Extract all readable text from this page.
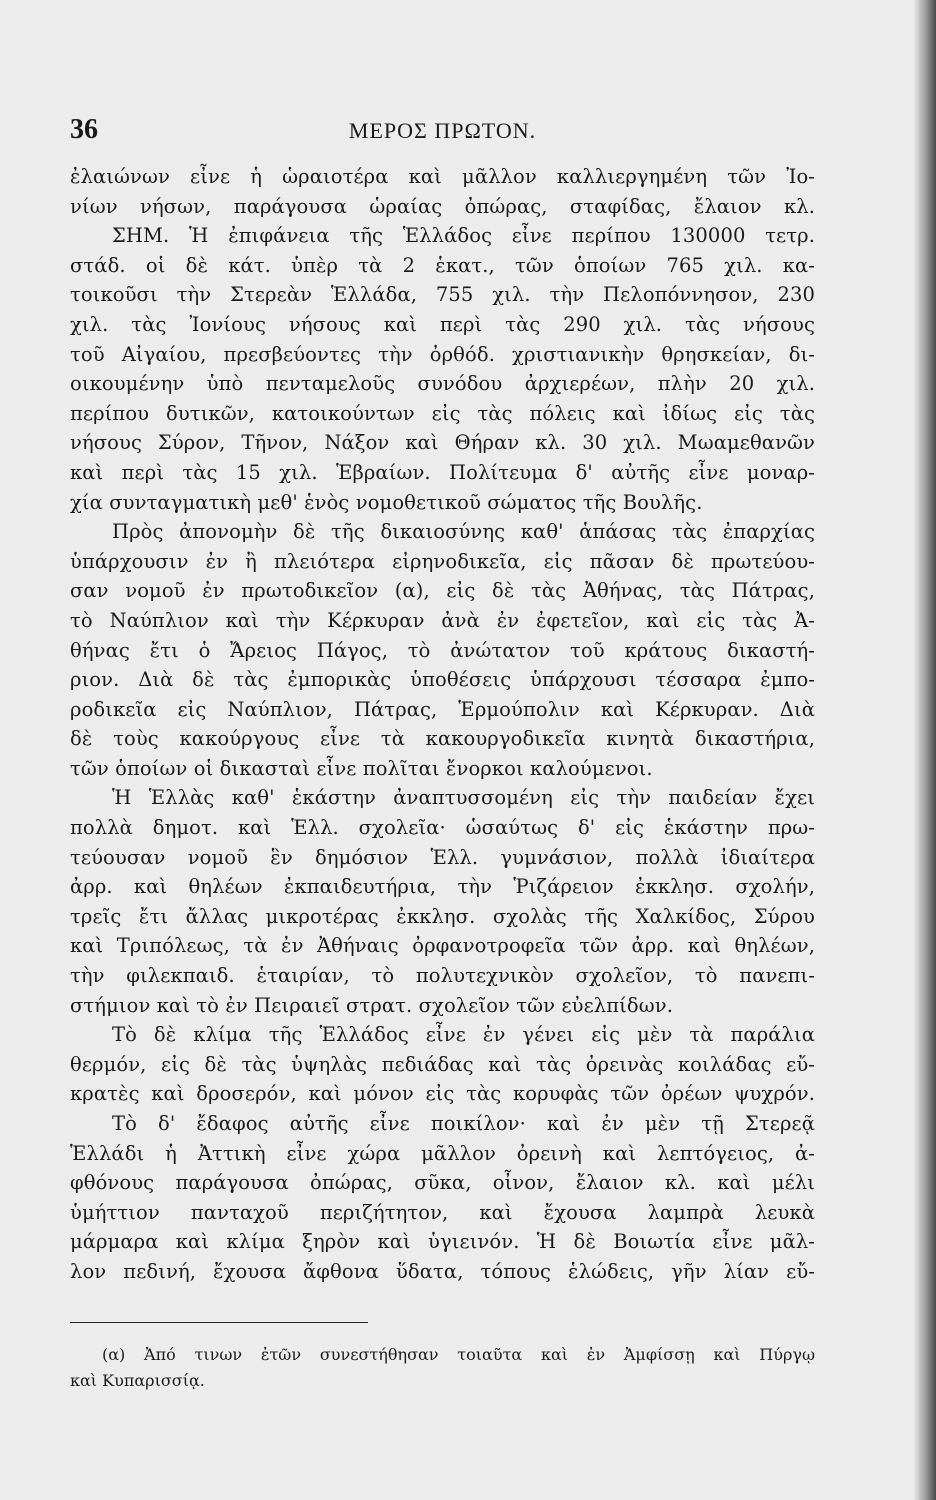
36	ΜΕΡΟΣ ΠΡΩΤΟΝ.
ἐλαιώνων εἶνε ἡ ὡραιοτέρα καὶ μᾶλλον καλλιεργημένη τῶν Ἰο-
νίων νήσων, παράγουσα ὡραίας ὀπώρας, σταφίδας, ἔλαιον κλ.
ΣΗΜ. Ἡ ἐπιφάνεια τῆς Ἑλλάδος εἶνε περίπου 130000 τετρ.
στάδ. οἱ δὲ κάτ. ὑπὲρ τὰ 2 ἑκατ., τῶν ὁποίων 765 χιλ. κα-
τοικοῦσι τὴν Στερεὰν Ἑλλάδα, 755 χιλ. τὴν Πελοπόννησον, 230
χιλ. τὰς Ἰονίους νήσους καὶ περὶ τὰς 290 χιλ. τὰς νήσους
τοῦ Αἰγαίου, πρεσβεύοντες τὴν ὀρθόδ. χριστιανικὴν θρησκείαν, δι-
οικουμένην ὑπὸ πενταμελοῦς συνόδου ἀρχιερέων, πλὴν 20 χιλ.
περίπου δυτικῶν, κατοικούντων εἰς τὰς πόλεις καὶ ἰδίως εἰς τὰς
νήσους Σύρον, Τῆνον, Νάξον καὶ Θήραν κλ. 30 χιλ. Μωαμεθανῶν
καὶ περὶ τὰς 15 χιλ. Ἑβραίων. Πολίτευμα δ' αὐτῆς εἶνε μοναρ-
χία συνταγματικὴ μεθ' ἑνὸς νομοθετικοῦ σώματος τῆς Βουλῆς.
Πρὸς ἀπονομὴν δὲ τῆς δικαιοσύνης καθ' ἁπάσας τὰς ἐπαρχίας
ὑπάρχουσιν ἐν ἢ πλειότερα εἰρηνοδικεῖα, εἰς πᾶσαν δὲ πρωτεύου-
σαν νομοῦ ἐν πρωτοδικεῖον (α), εἰς δὲ τὰς Ἀθήνας, τὰς Πάτρας,
τὸ Ναύπλιον καὶ τὴν Κέρκυραν ἀνὰ ἐν ἐφετεῖον, καὶ εἰς τὰς Ἀ-
θήνας ἔτι ὁ Ἄρειος Πάγος, τὸ ἀνώτατον τοῦ κράτους δικαστή-
ριον. Διὰ δὲ τὰς ἐμπορικὰς ὑποθέσεις ὑπάρχουσι τέσσαρα ἐμπο-
ροδικεῖα εἰς Ναύπλιον, Πάτρας, Ἑρμούπολιν καὶ Κέρκυραν. Διὰ
δὲ τοὺς κακούργους εἶνε τὰ κακουργοδικεῖα κινητὰ δικαστήρια,
τῶν ὁποίων οἱ δικασταὶ εἶνε πολῖται ἔνορκοι καλούμενοι.
Ἡ Ἑλλὰς καθ' ἑκάστην ἀναπτυσσομένη εἰς τὴν παιδείαν ἔχει
πολλὰ δημοτ. καὶ Ἑλλ. σχολεῖα· ὡσαύτως δ' εἰς ἑκάστην πρω-
τεύουσαν νομοῦ ἓν δημόσιον Ἑλλ. γυμνάσιον, πολλὰ ἰδιαίτερα
ἀρρ. καὶ θηλέων ἐκπαιδευτήρια, τὴν Ῥιζάρειον ἐκκλησ. σχολήν,
τρεῖς ἔτι ἄλλας μικροτέρας ἐκκλησ. σχολὰς τῆς Χαλκίδος, Σύρου
καὶ Τριπόλεως, τὰ ἐν Ἀθήναις ὀρφανοτροφεῖα τῶν ἀρρ. καὶ θηλέων,
τὴν φιλεκπαιδ. ἑταιρίαν, τὸ πολυτεχνικὸν σχολεῖον, τὸ πανεπι-
στήμιον καὶ τὸ ἐν Πειραιεῖ στρατ. σχολεῖον τῶν εὐελπίδων.
Τὸ δὲ κλίμα τῆς Ἑλλάδος εἶνε ἐν γένει εἰς μὲν τὰ παράλια
θερμόν, εἰς δὲ τὰς ὑψηλὰς πεδιάδας καὶ τὰς ὀρεινὰς κοιλάδας εὔ-
κρατὲς καὶ δροσερόν, καὶ μόνον εἰς τὰς κορυφὰς τῶν ὀρέων ψυχρόν.
Τὸ δ' ἔδαφος αὐτῆς εἶνε ποικίλον· καὶ ἐν μὲν τῇ Στερεᾷ
Ἑλλάδι ἡ Ἀττικὴ εἶνε χώρα μᾶλλον ὀρεινὴ καὶ λεπτόγειος, ἀ-
φθόνους παράγουσα ὀπώρας, σῦκα, οἶνον, ἔλαιον κλ. καὶ μέλι
ὑμήττιον πανταχοῦ περιζήτητον, καὶ ἔχουσα λαμπρὰ λευκὰ
μάρμαρα καὶ κλίμα ξηρὸν καὶ ὑγιεινόν. Ἡ δὲ Βοιωτία εἶνε μᾶλ-
λον πεδινή, ἔχουσα ἄφθονα ὕδατα, τόπους ἑλώδεις, γῆν λίαν εὔ-
(α) Ἀπό τινων ἐτῶν συνεστήθησαν τοιαῦτα καὶ ἐν Ἀμφίσσῃ καὶ Πύργῳ
καὶ Κυπαρισσίᾳ.
